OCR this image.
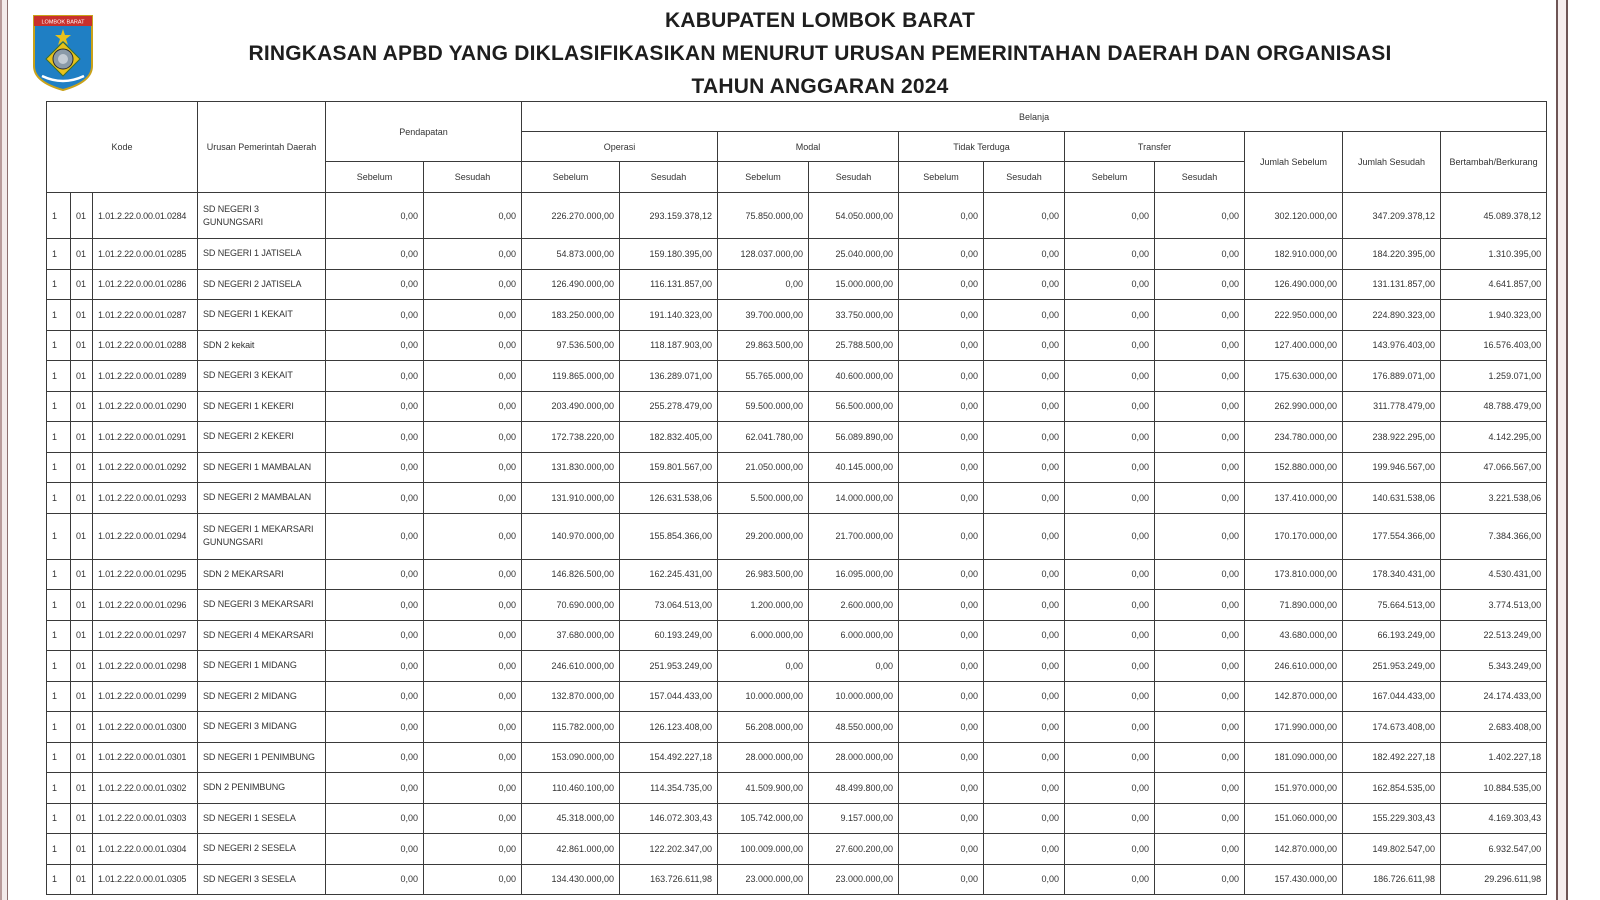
LOMBOK BARAT	KABUPATEN LOMBOK BARAT
RINGKASAN APBD YANG DIKLASIFIKASIKAN MENURUT URUSAN PEMERINTAHAN DAERAH DAN ORGANISASI
TAHUN ANGGARAN 2024
Kode			Urusan Pemerintah Daerah	Pendapatan		Belanja										
						Operasi		Modal		Tidak Terduga		Transfer		Jumlah Sebelum	Jumlah Sesudah	Bertambah/Berkurang
				Sebelum	Sesudah	Sebelum	Sesudah	Sebelum	Sesudah	Sebelum	Sesudah	Sebelum	Sesudah			
1	01	1.01.2.22.0.00.01.0284	SD NEGERI 3 GUNUNGSARI	0,00	0,00	226.270.000,00	293.159.378,12	75.850.000,00	54.050.000,00	0,00	0,00	0,00	0,00	302.120.000,00	347.209.378,12	45.089.378,12
1	01	1.01.2.22.0.00.01.0285	SD NEGERI 1 JATISELA	0,00	0,00	54.873.000,00	159.180.395,00	128.037.000,00	25.040.000,00	0,00	0,00	0,00	0,00	182.910.000,00	184.220.395,00	1.310.395,00
1	01	1.01.2.22.0.00.01.0286	SD NEGERI 2 JATISELA	0,00	0,00	126.490.000,00	116.131.857,00	0,00	15.000.000,00	0,00	0,00	0,00	0,00	126.490.000,00	131.131.857,00	4.641.857,00
1	01	1.01.2.22.0.00.01.0287	SD NEGERI 1 KEKAIT	0,00	0,00	183.250.000,00	191.140.323,00	39.700.000,00	33.750.000,00	0,00	0,00	0,00	0,00	222.950.000,00	224.890.323,00	1.940.323,00
1	01	1.01.2.22.0.00.01.0288	SDN 2 kekait	0,00	0,00	97.536.500,00	118.187.903,00	29.863.500,00	25.788.500,00	0,00	0,00	0,00	0,00	127.400.000,00	143.976.403,00	16.576.403,00
1	01	1.01.2.22.0.00.01.0289	SD NEGERI 3 KEKAIT	0,00	0,00	119.865.000,00	136.289.071,00	55.765.000,00	40.600.000,00	0,00	0,00	0,00	0,00	175.630.000,00	176.889.071,00	1.259.071,00
1	01	1.01.2.22.0.00.01.0290	SD NEGERI 1 KEKERI	0,00	0,00	203.490.000,00	255.278.479,00	59.500.000,00	56.500.000,00	0,00	0,00	0,00	0,00	262.990.000,00	311.778.479,00	48.788.479,00
1	01	1.01.2.22.0.00.01.0291	SD NEGERI 2 KEKERI	0,00	0,00	172.738.220,00	182.832.405,00	62.041.780,00	56.089.890,00	0,00	0,00	0,00	0,00	234.780.000,00	238.922.295,00	4.142.295,00
1	01	1.01.2.22.0.00.01.0292	SD NEGERI 1 MAMBALAN	0,00	0,00	131.830.000,00	159.801.567,00	21.050.000,00	40.145.000,00	0,00	0,00	0,00	0,00	152.880.000,00	199.946.567,00	47.066.567,00
1	01	1.01.2.22.0.00.01.0293	SD NEGERI 2 MAMBALAN	0,00	0,00	131.910.000,00	126.631.538,06	5.500.000,00	14.000.000,00	0,00	0,00	0,00	0,00	137.410.000,00	140.631.538,06	3.221.538,06
1	01	1.01.2.22.0.00.01.0294	SD NEGERI 1 MEKARSARI GUNUNGSARI	0,00	0,00	140.970.000,00	155.854.366,00	29.200.000,00	21.700.000,00	0,00	0,00	0,00	0,00	170.170.000,00	177.554.366,00	7.384.366,00
1	01	1.01.2.22.0.00.01.0295	SDN 2 MEKARSARI	0,00	0,00	146.826.500,00	162.245.431,00	26.983.500,00	16.095.000,00	0,00	0,00	0,00	0,00	173.810.000,00	178.340.431,00	4.530.431,00
1	01	1.01.2.22.0.00.01.0296	SD NEGERI 3 MEKARSARI	0,00	0,00	70.690.000,00	73.064.513,00	1.200.000,00	2.600.000,00	0,00	0,00	0,00	0,00	71.890.000,00	75.664.513,00	3.774.513,00
1	01	1.01.2.22.0.00.01.0297	SD NEGERI 4 MEKARSARI	0,00	0,00	37.680.000,00	60.193.249,00	6.000.000,00	6.000.000,00	0,00	0,00	0,00	0,00	43.680.000,00	66.193.249,00	22.513.249,00
1	01	1.01.2.22.0.00.01.0298	SD NEGERI 1 MIDANG	0,00	0,00	246.610.000,00	251.953.249,00	0,00	0,00	0,00	0,00	0,00	0,00	246.610.000,00	251.953.249,00	5.343.249,00
1	01	1.01.2.22.0.00.01.0299	SD NEGERI 2 MIDANG	0,00	0,00	132.870.000,00	157.044.433,00	10.000.000,00	10.000.000,00	0,00	0,00	0,00	0,00	142.870.000,00	167.044.433,00	24.174.433,00
1	01	1.01.2.22.0.00.01.0300	SD NEGERI 3 MIDANG	0,00	0,00	115.782.000,00	126.123.408,00	56.208.000,00	48.550.000,00	0,00	0,00	0,00	0,00	171.990.000,00	174.673.408,00	2.683.408,00
1	01	1.01.2.22.0.00.01.0301	SD NEGERI 1 PENIMBUNG	0,00	0,00	153.090.000,00	154.492.227,18	28.000.000,00	28.000.000,00	0,00	0,00	0,00	0,00	181.090.000,00	182.492.227,18	1.402.227,18
1	01	1.01.2.22.0.00.01.0302	SDN 2 PENIMBUNG	0,00	0,00	110.460.100,00	114.354.735,00	41.509.900,00	48.499.800,00	0,00	0,00	0,00	0,00	151.970.000,00	162.854.535,00	10.884.535,00
1	01	1.01.2.22.0.00.01.0303	SD NEGERI 1 SESELA	0,00	0,00	45.318.000,00	146.072.303,43	105.742.000,00	9.157.000,00	0,00	0,00	0,00	0,00	151.060.000,00	155.229.303,43	4.169.303,43
1	01	1.01.2.22.0.00.01.0304	SD NEGERI 2 SESELA	0,00	0,00	42.861.000,00	122.202.347,00	100.009.000,00	27.600.200,00	0,00	0,00	0,00	0,00	142.870.000,00	149.802.547,00	6.932.547,00
1	01	1.01.2.22.0.00.01.0305	SD NEGERI 3 SESELA	0,00	0,00	134.430.000,00	163.726.611,98	23.000.000,00	23.000.000,00	0,00	0,00	0,00	0,00	157.430.000,00	186.726.611,98	29.296.611,98
